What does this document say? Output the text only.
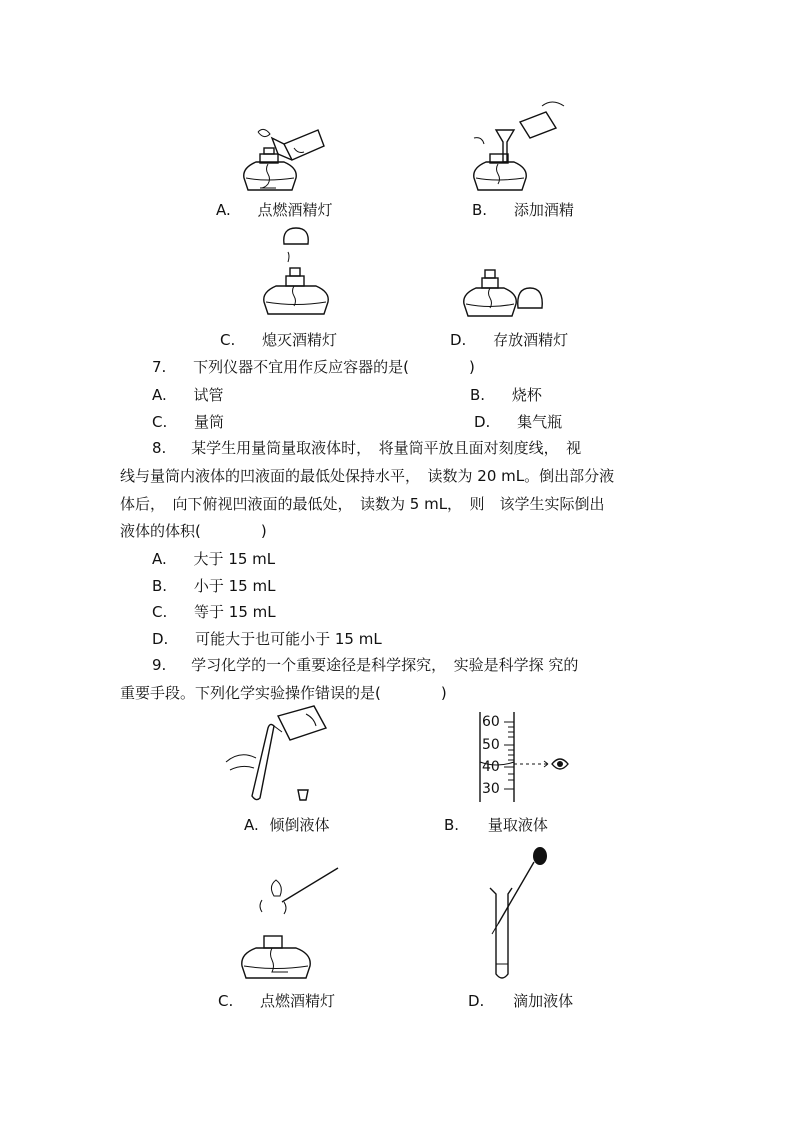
A. 点燃酒精灯	B. 添加酒精
C. 熄灭酒精灯	D. 存放酒精灯
7. 下列仪器不宜用作反应容器的是(　　　　)
A. 试管	B. 烧杯
C. 量筒	D. 集气瓶
8. 某学生用量筒量取液体时，　将量筒平放且面对刻度线，　视
线与量筒内液体的凹液面的最低处保持水平，　读数为 20 mL。倒出部分液
体后，　向下俯视凹液面的最低处，　读数为 5 mL，　则　该学生实际倒出
液体的体积(　　　　)
A. 大于 15 mL
B. 小于 15 mL
C. 等于 15 mL
D. 可能大于也可能小于 15 mL
9. 学习化学的一个重要途径是科学探究，　实验是科学探 究的
重要手段。下列化学实验操作错误的是(　　　　)
A. 倾倒液体
60
50
40
30
B. 量取液体
C. 点燃酒精灯	D. 滴加液体
